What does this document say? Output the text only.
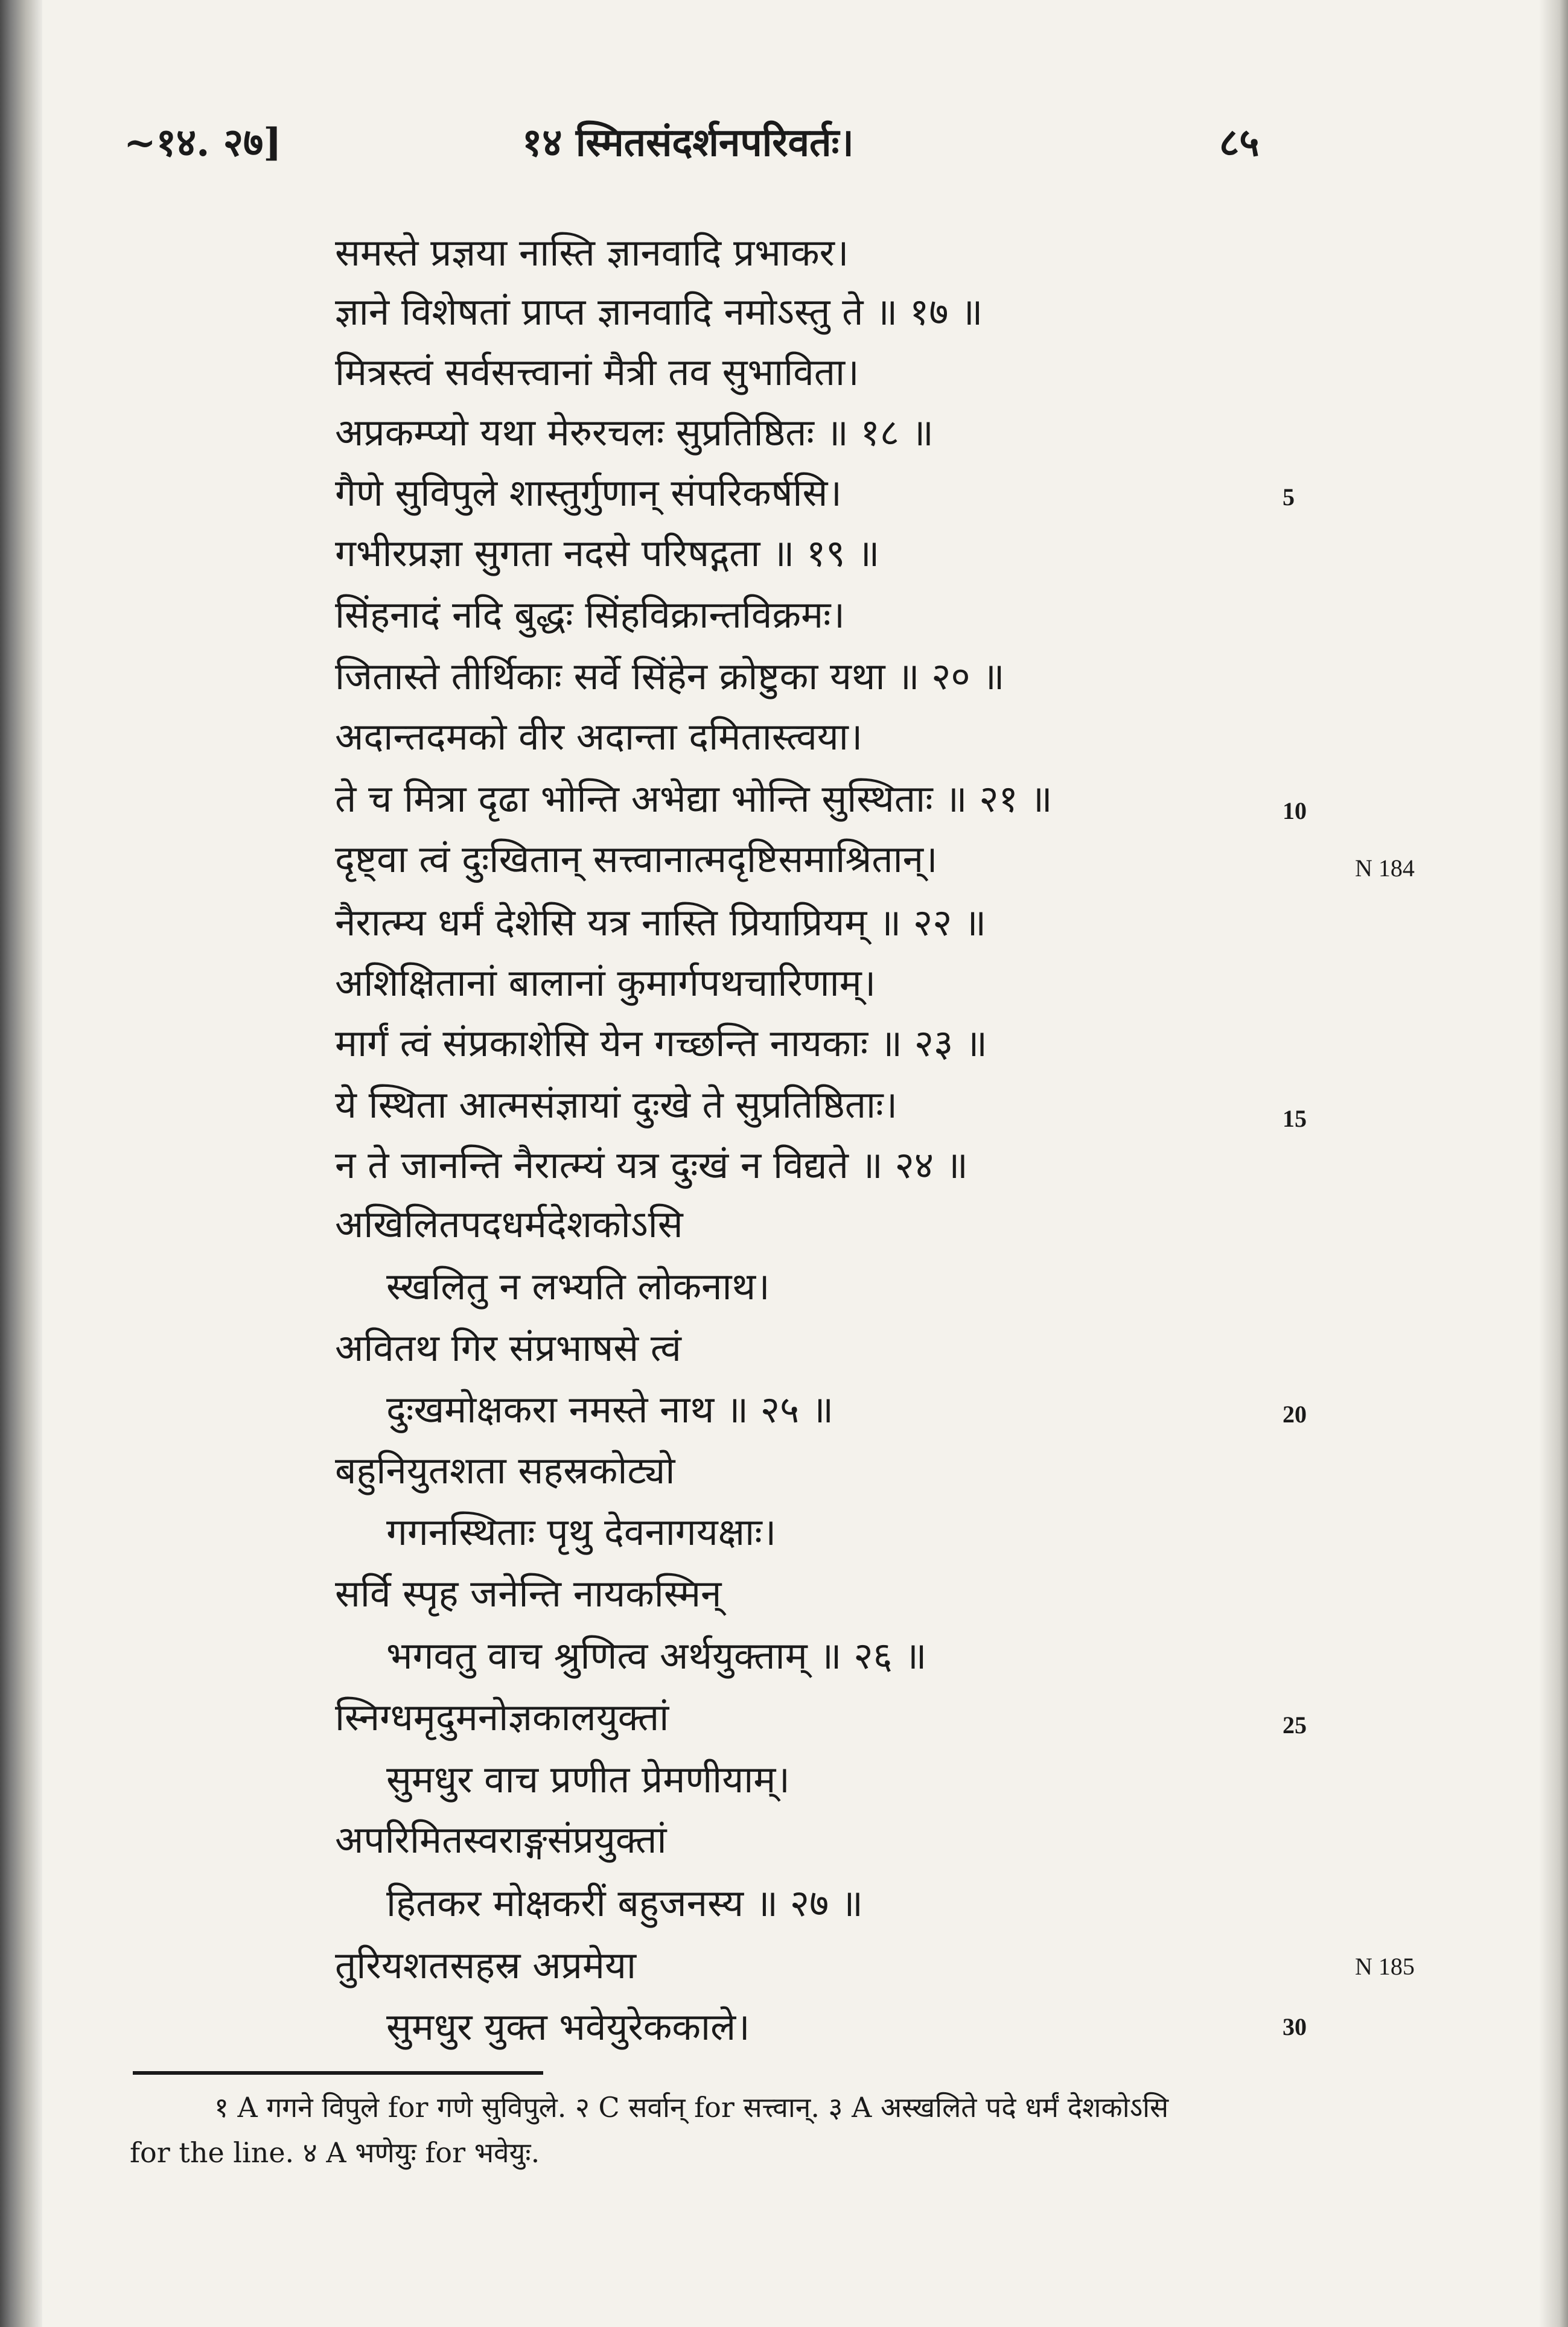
~१४. २७]	१४ स्मितसंदर्शनपरिवर्तः।	८५
समस्ते प्रज्ञया नास्ति ज्ञानवादि प्रभाकर।
ज्ञाने विशेषतां प्राप्त ज्ञानवादि नमोऽस्तु ते ॥ १७ ॥
मित्रस्त्वं सर्वसत्त्वानां मैत्री तव सुभाविता।
अप्रकम्प्यो यथा मेरुरचलः सुप्रतिष्ठितः ॥ १८ ॥
गैणे सुविपुले शास्तुर्गुणान् संपरिकर्षसि।
गभीरप्रज्ञा सुगता नदसे परिषद्गता ॥ १९ ॥
सिंहनादं नदि बुद्धः सिंहविक्रान्तविक्रमः।
जितास्ते तीर्थिकाः सर्वे सिंहेन क्रोष्टुका यथा ॥ २० ॥
अदान्तदमको वीर अदान्ता दमितास्त्वया।
ते च मित्रा दृढा भोन्ति अभेद्या भोन्ति सुस्थिताः ॥ २१ ॥
दृष्ट्वा त्वं दुःखितान् सत्त्वानात्मदृष्टिसमाश्रितान्।
नैरात्म्य धर्मं देशेसि यत्र नास्ति प्रियाप्रियम् ॥ २२ ॥
अशिक्षितानां बालानां कुमार्गपथचारिणाम्।
मार्गं त्वं संप्रकाशेसि येन गच्छन्ति नायकाः ॥ २३ ॥
ये स्थिता आत्मसंज्ञायां दुःखे ते सुप्रतिष्ठिताः।
न ते जानन्ति नैरात्म्यं यत्र दुःखं न विद्यते ॥ २४ ॥
अखिलितपदधर्मदेशकोऽसि
स्खलितु न लभ्यति लोकनाथ।
अवितथ गिर संप्रभाषसे त्वं
दुःखमोक्षकरा नमस्ते नाथ ॥ २५ ॥
बहुनियुतशता सहस्रकोट्यो
गगनस्थिताः पृथु देवनागयक्षाः।
सर्वि स्पृह जनेन्ति नायकस्मिन्
भगवतु वाच श्रुणित्व अर्थयुक्ताम् ॥ २६ ॥
स्निग्धमृदुमनोज्ञकालयुक्तां
सुमधुर वाच प्रणीत प्रेमणीयाम्।
अपरिमितस्वराङ्गसंप्रयुक्तां
हितकर मोक्षकरीं बहुजनस्य ॥ २७ ॥
तुरियशतसहस्र अप्रमेया
सुमधुर युक्त भवेयुरेककाले।
5
10
15
20
25
30
N 184
N 185
१ A गगने विपुले for गणे सुविपुले. २ C सर्वान् for सत्त्वान्. ३ A अस्खलिते पदे धर्मं देशकोऽसि
for the line. ४ A भणेयुः for भवेयुः.
